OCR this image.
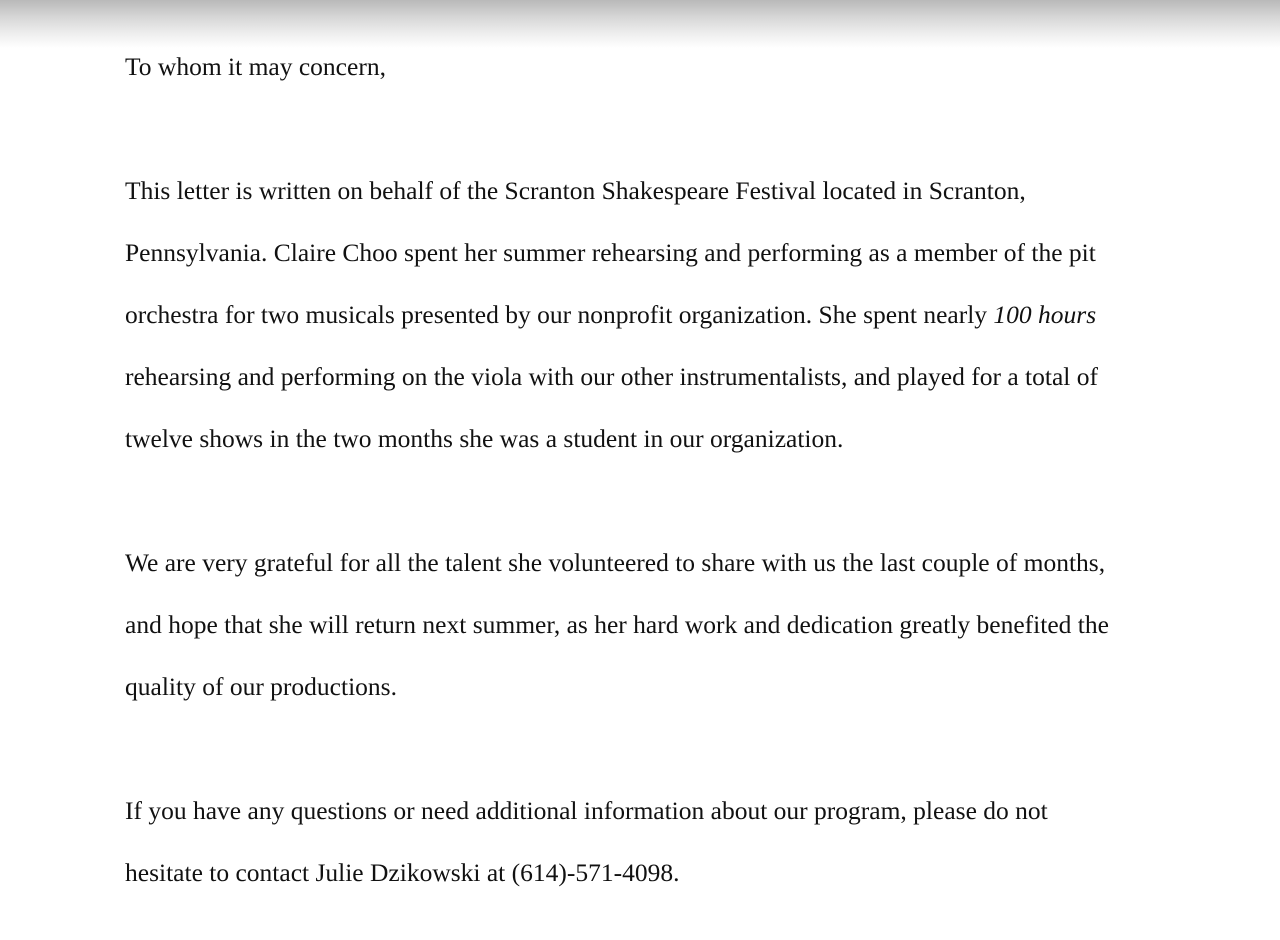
To whom it may concern,

This letter is written on behalf of the Scranton Shakespeare Festival located in Scranton,
Pennsylvania. Claire Choo spent her summer rehearsing and performing as a member of the pit
orchestra for two musicals presented by our nonprofit organization. She spent nearly 100 hours
rehearsing and performing on the viola with our other instrumentalists, and played for a total of
twelve shows in the two months she was a student in our organization.

We are very grateful for all the talent she volunteered to share with us the last couple of months,
and hope that she will return next summer, as her hard work and dedication greatly benefited the
quality of our productions.

If you have any questions or need additional information about our program, please do not
hesitate to contact Julie Dzikowski at (614)-571-4098.
